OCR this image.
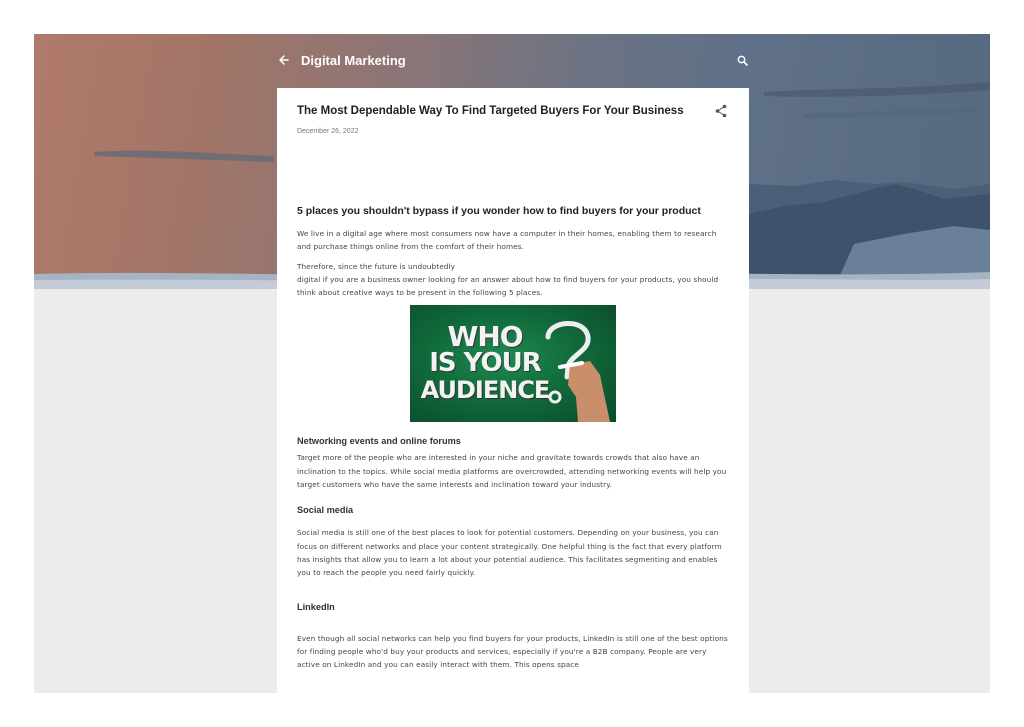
Digital Marketing
The Most Dependable Way To Find Targeted Buyers For Your Business
December 26, 2022
5 places you shouldn't bypass if you wonder how to find buyers for your product
We live in a digital age where most consumers now have a computer in their homes, enabling them to research and purchase things online from the comfort of their homes.
Therefore, since the future is undoubtedly
digital if you are a business owner looking for an answer about how to find buyers for your products, you should think about creative ways to be present in the following 5 places.
WHO
IS YOUR
AUDIENCE
Networking events and online forums
Target more of the people who are interested in your niche and gravitate towards crowds that also have an inclination to the topics. While social media platforms are overcrowded, attending networking events will help you target customers who have the same interests and inclination toward your industry.
Social media
Social media is still one of the best places to look for potential customers. Depending on your business, you can focus on different networks and place your content strategically. One helpful thing is the fact that every platform has insights that allow you to learn a lot about your potential audience. This facilitates segmenting and enables you to reach the people you need fairly quickly.
LinkedIn
Even though all social networks can help you find buyers for your products, LinkedIn is still one of the best options for finding people who'd buy your products and services, especially if you're a B2B company. People are very active on LinkedIn and you can easily interact with them. This opens space
